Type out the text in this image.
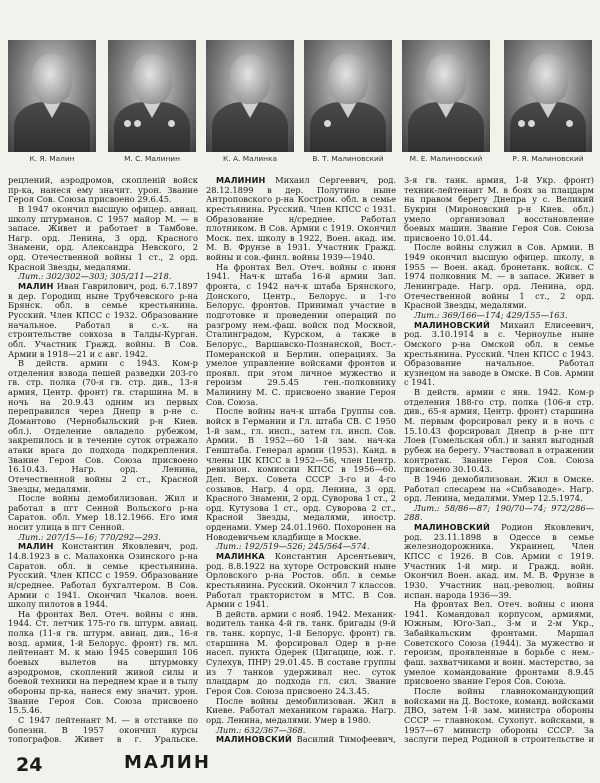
К. Я. Малин	М. С. Малинин	К. А. Малинка	В. Т. Малиновский	М. Е. Малиновский	Р. Я. Малиновский

рецлений, аэродромов, скопленій войск пр-ка, нанеся ему значит. урон. Звание Героя Сов. Союза присвоено 29.6.45.

В 1947 окончил высшую офицер. авиац. школу штурманов. С 1957 майор М. — в запасе. Живет и работает в Тамбове. Нагр. орд. Ленина, 3 орд. Красного Знамени, орд. Александра Невского, 2 орд. Отечественной войны 1 ст., 2 орд. Красной Звезды, медалями.

Лит.: 302/302—303; 305/211—218.

МАЛИН Иван Гаврилович, род. 6.7.1897 в дер. Городищ ныне Трубчевского р-на Брянск. обл. в семье крестьянина. Русский. Член КПСС с 1932. Образование начальное. Работал в с.-х. на строительстве совхоза в Талды-Курган. обл. Участник Гражд. войны. В Сов. Армии в 1918—21 и с авг. 1942.

В действ. армии с 1943. Ком-р отделения взвода пешей разведки 203-го гв. стр. полка (70-я гв. стр. див., 13-я армия, Центр. фронт) гв. старшина М. в ночь на 20.9.43 одним из первых переправился через Днепр в р-не с. Домантово (Чернобыльский р-н Киев. обл.). Отделение овладело рубежом, закрепилось и в течение суток отражало атаки врага до подхода подкрепления. Звание Героя Сов. Союза присвоено 16.10.43. Нагр. орд. Ленина, Отечественной войны 2 ст., Красной Звезды, медалями.

После войны демобилизован. Жил и работал в пгт Сенной Вольского р-на Саратов. обл. Умер 18.12.1966. Его имя носит улица в пгт Сенной.

Лит.: 207/15—16; 770/292—293.

МАЛИН Константин Яковлевич, род. 14.8.1923 в с. Малахонка Озинского р-на Саратов. обл. в семье крестьянина. Русский. Член КПСС с 1959. Образование н/среднее. Работал бухгалтером. В Сов. Армии с 1941. Окончил Чкалов. воен. школу пилотов в 1944.

На фронтах Вел. Отеч. войны с янв. 1944. Ст. летчик 175-го гв. штурм. авиац. полка (11-я гв. штурм. авиац. див., 16-я возд. армия, 1-й Белорус. фронт) гв. мл. лейтенант М. к маю 1945 совершил 106 боевых вылетов на штурмовку аэродромов, скоплений живой силы и боевой техники на переднем крае и в тылу обороны пр-ка, нанеся ему значит. урон. Звание Героя Сов. Союза присвоено 15.5.46.

С 1947 лейтенант М. — в отставке по болезни. В 1957 окончил курсы топографов. Живет в г. Уральске.

МАЛИНИН Михаил Сергеевич, род. 28.12.1899 в дер. Полутино ныне Антроповского р-на Костром. обл. в семье крестьянина. Русский. Член КПСС с 1931. Образование н/среднее. Работал плотником. В Сов. Армии с 1919. Окончил Моск. пех. школу в 1922, Воен. акад. им. М. В. Фрунзе в 1931. Участник Гражд. войны и сов.-финл. войны 1939—1940.

На фронтах Вел. Отеч. войны с июня 1941. Нач-к штаба 16-й армии Зап. фронта, с 1942 нач-к штаба Брянского, Донского, Центр., Белорус. и 1-го Белорус. фронтов. Принимал участие в подготовке и проведении операций по разгрому нем.-фаш. войск под Москвой, Сталинградом, Курском, а также в Белорус., Варшавско-Познанской, Вост.-Померанской и Берлин. операциях. За умелое управление войсками фронтов и проявл. при этом личное мужество и героизм 29.5.45 ген.-полковнику Малинину М. С. присвоено звание Героя Сов. Союза.

После войны нач-к штаба Группы сов. войск в Германии и Гл. штаба СВ. С 1950 1-й зам., гл. инсп., затем гл. инсп. Сов. Армии. В 1952—60 1-й зам. нач-ка Генштаба. Генерал армии (1953). Канд. в члены ЦК КПСС в 1952—56, член Центр. ревизион. комиссии КПСС в 1956—60. Деп. Верх. Совета СССР 3-го и 4-го созывов. Нагр. 4 орд. Ленина, 3 орд. Красного Знамени, 2 орд. Суворова 1 ст., 2 орд. Кутузова 1 ст., орд. Суворова 2 ст., Красной Звезды, медалями, иностр. орденами. Умер 24.01.1960. Похоронен на Новодевичьем кладбище в Москве.

Лит.: 192/519—526; 245/564—574.

МАЛИНКА Константин Арсентьевич, род. 8.8.1922 на хуторе Островский ныне Орловского р-на Ростов. обл. в семье крестьянина. Русский. Окончил 7 классов. Работал трактористом в МТС. В Сов. Армии с 1941.

В действ. армии с нояб. 1942. Механик-водитель танка 4-й гв. танк. бригады (9-й гв. танк. корпус, 1-й Белорус. фронт) гв. старшина М. форсировал Одер в р-не насел. пункта Одерек (Цигацице, юж. г. Сулехув, ПНР) 29.01.45. В составе группы из 7 танков удерживал нес. суток плацдарм до подхода гл. сил. Звание Героя Сов. Союза присвоено 24.3.45.

После войны демобилизован. Жил в Киеве. Работал механиком гаража. Нагр. орд. Ленина, медалями. Умер в 1980.

Лит.: 632/367—368.

МАЛИНОВСКИЙ Василий Тимофеевич,

3-я гв. танк. армия, 1-й Укр. фронт) техник-лейтенант М. в боях за плацдарм на правом берегу Днепра у с. Великий Букрин (Мироновский р-н Киев. обл.) умело организовал восстановление боевых машин. Звание Героя Сов. Союза присвоено 10.01.44.

После войны служил в Сов. Армии. В 1949 окончил высшую офицер. школу, в 1955 — Воен. акад. бронетанк. войск. С 1974 полковник М. — в запасе. Живет в Ленинграде. Нагр. орд. Ленина, орд. Отечественной войны 1 ст., 2 орд. Красной Звезды, медалями.

Лит.: 369/166—174; 429/155—163.

МАЛИНОВСКИЙ Михаил Елисеевич, род. 3.10.1914 в с. Черноулье ныне Омского р-на Омской обл. в семье крестьянина. Русский. Член КПСС с 1943. Образование начальное. Работал кузнецом на заводе в Омске. В Сов. Армии с 1941.

В действ. армии с янв. 1942. Ком-р отделения 188-го стр. полка (106-я стр. див., 65-я армия, Центр. фронт) старшина М. первым форсировал реку и в ночь с 15.10.43 форсировал Днепр в р-не пгт Лоев (Гомельская обл.) и занял выгодный рубеж на берегу. Участвовал в отражении контратак. Звание Героя Сов. Союза присвоено 30.10.43.

В 1946 демобилизован. Жил в Омске. Работал слесарем на «Сибзаводе». Нагр. орд. Ленина, медалями. Умер 12.5.1974.

Лит.: 58/86—87; 190/70—74; 972/286—288.

МАЛИНОВСКИЙ Родион Яковлевич, род. 23.11.1898 в Одессе в семье железнодорожника. Украинец. Член КПСС с 1926. В Сов. Армии с 1919. Участник 1-й мир. и Гражд. войн. Окончил Воен. акад. им. М. В. Фрунзе в 1930. Участник нац.-революц. войны испан. народа 1936—39.

На фронтах Вел. Отеч. войны с июня 1941. Командовал корпусом, армиями, Южным, Юго-Зап., 3-м и 2-м Укр., Забайкальским фронтами. Маршал Советского Союза (1944). За мужество и героизм, проявленные в борьбе с нем.-фаш. захватчиками и воин. мастерство, за умелое командование фронтами 8.9.45 присвоено звание Героя Сов. Союза.

После войны главнокомандующий войсками на Д. Востоке, команд. войсками ДВО, затем 1-й зам. министра обороны СССР — главноком. Сухопут. войсками, в 1957—67 министр обороны СССР. За заслуги перед Родиной в строительстве и

24	МАЛИН
